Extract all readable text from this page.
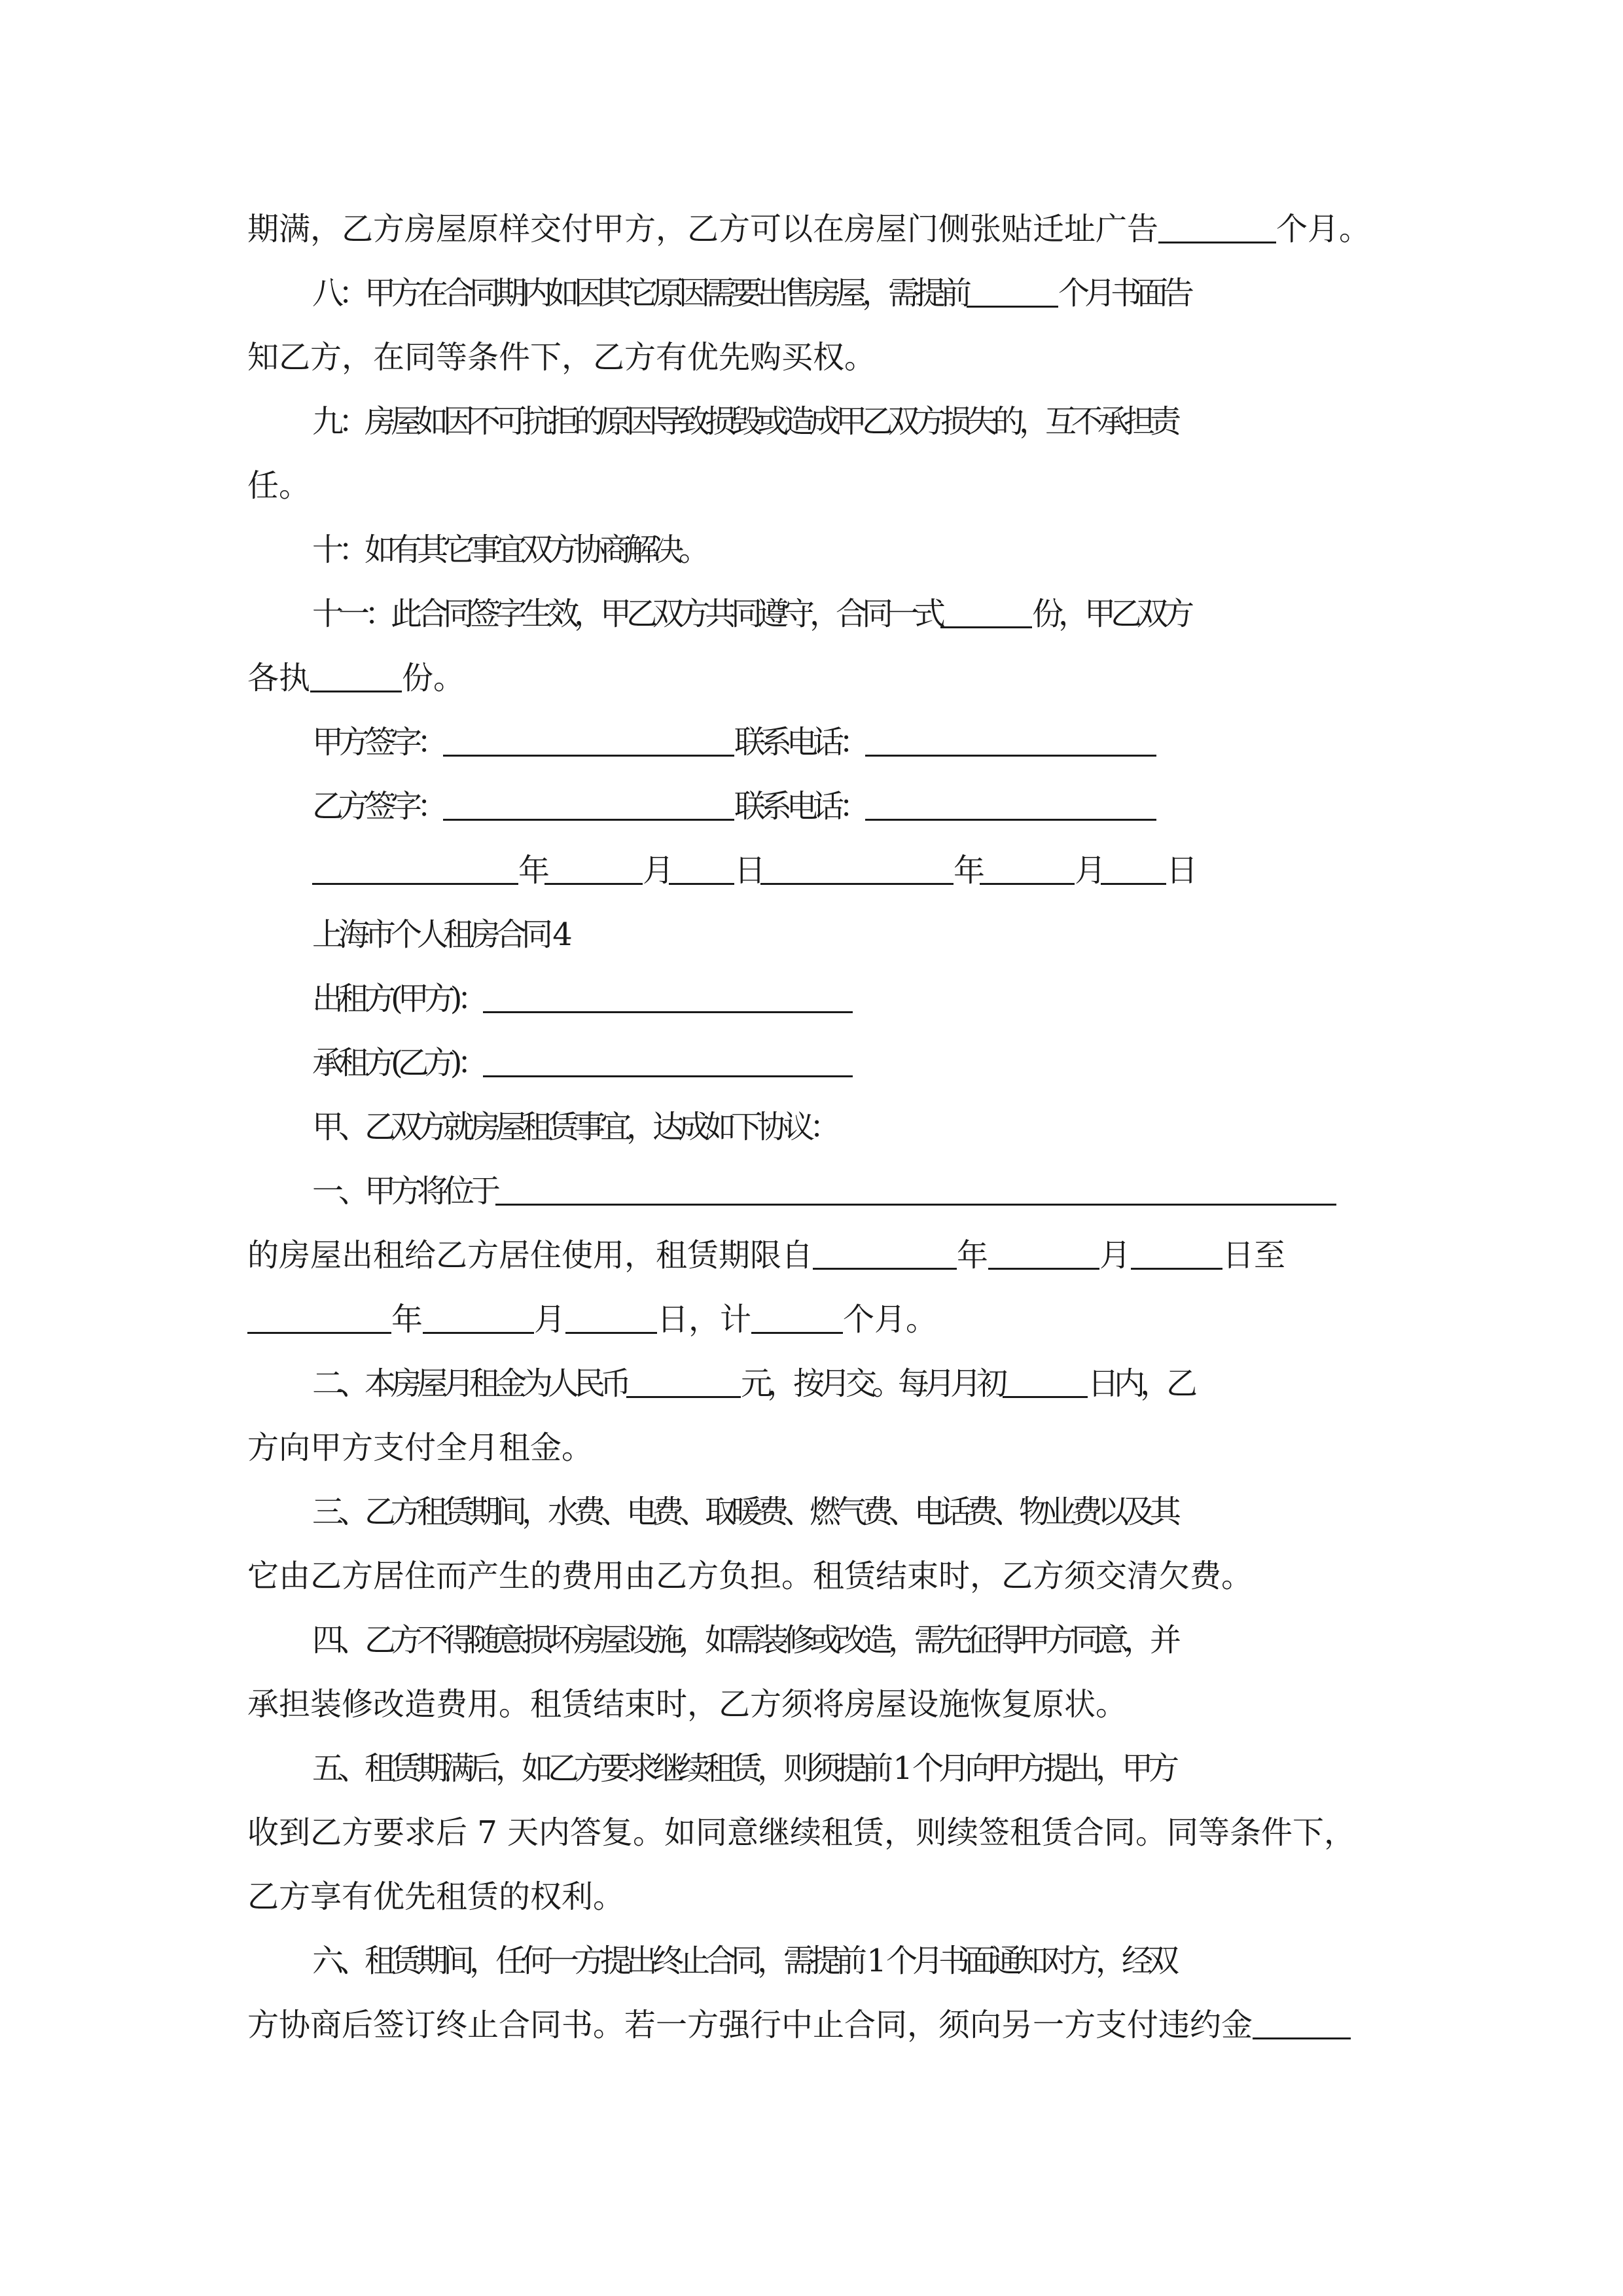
期满，乙方房屋原样交付甲方，乙方可以在房屋门侧张贴迁址广告	个月。
八：甲方在合同期内如因其它原因需要出售房屋，需提前	个月书面告
知乙方，在同等条件下，乙方有优先购买权。
九：房屋如因不可抗拒的原因导致损毁或造成甲乙双方损失的，互不承担责
任。
十：如有其它事宜双方协商解决。
十一：此合同签字生效，甲乙双方共同遵守，合同一式	份，甲乙双方
各执	份。
甲方签字：	联系电话：
乙方签字：	联系电话：
年	月 日	年	月 日
上海市个人租房合同 4
出租方(甲方)：
承租方(乙方)：
甲、乙双方就房屋租赁事宜，达成如下协议：
一、甲方将位于
的房屋出租给乙方居住使用，租赁期限自	年	月	日至
年	月	日，计	个月。
二、本房屋月租金为人民币	元，按月交。每月月初	日内，乙
方向甲方支付全月租金。
三、乙方租赁期间，水费、电费、取暖费、燃气费、电话费、物业费以及其
它由乙方居住而产生的费用由乙方负担。租赁结束时，乙方须交清欠费。
四、乙方不得随意损坏房屋设施，如需装修或改造，需先征得甲方同意，并
承担装修改造费用。租赁结束时，乙方须将房屋设施恢复原状。
五、租赁期满后，如乙方要求继续租赁，则须提前 1 个月向甲方提出，甲方
收到乙方要求后 7 天内答复。如同意继续租赁，则续签租赁合同。同等条件下，
乙方享有优先租赁的权利。
六、租赁期间，任何一方提出终止合同，需提前 1 个月书面通知对方，经双
方协商后签订终止合同书。若一方强行中止合同，须向另一方支付违约金
